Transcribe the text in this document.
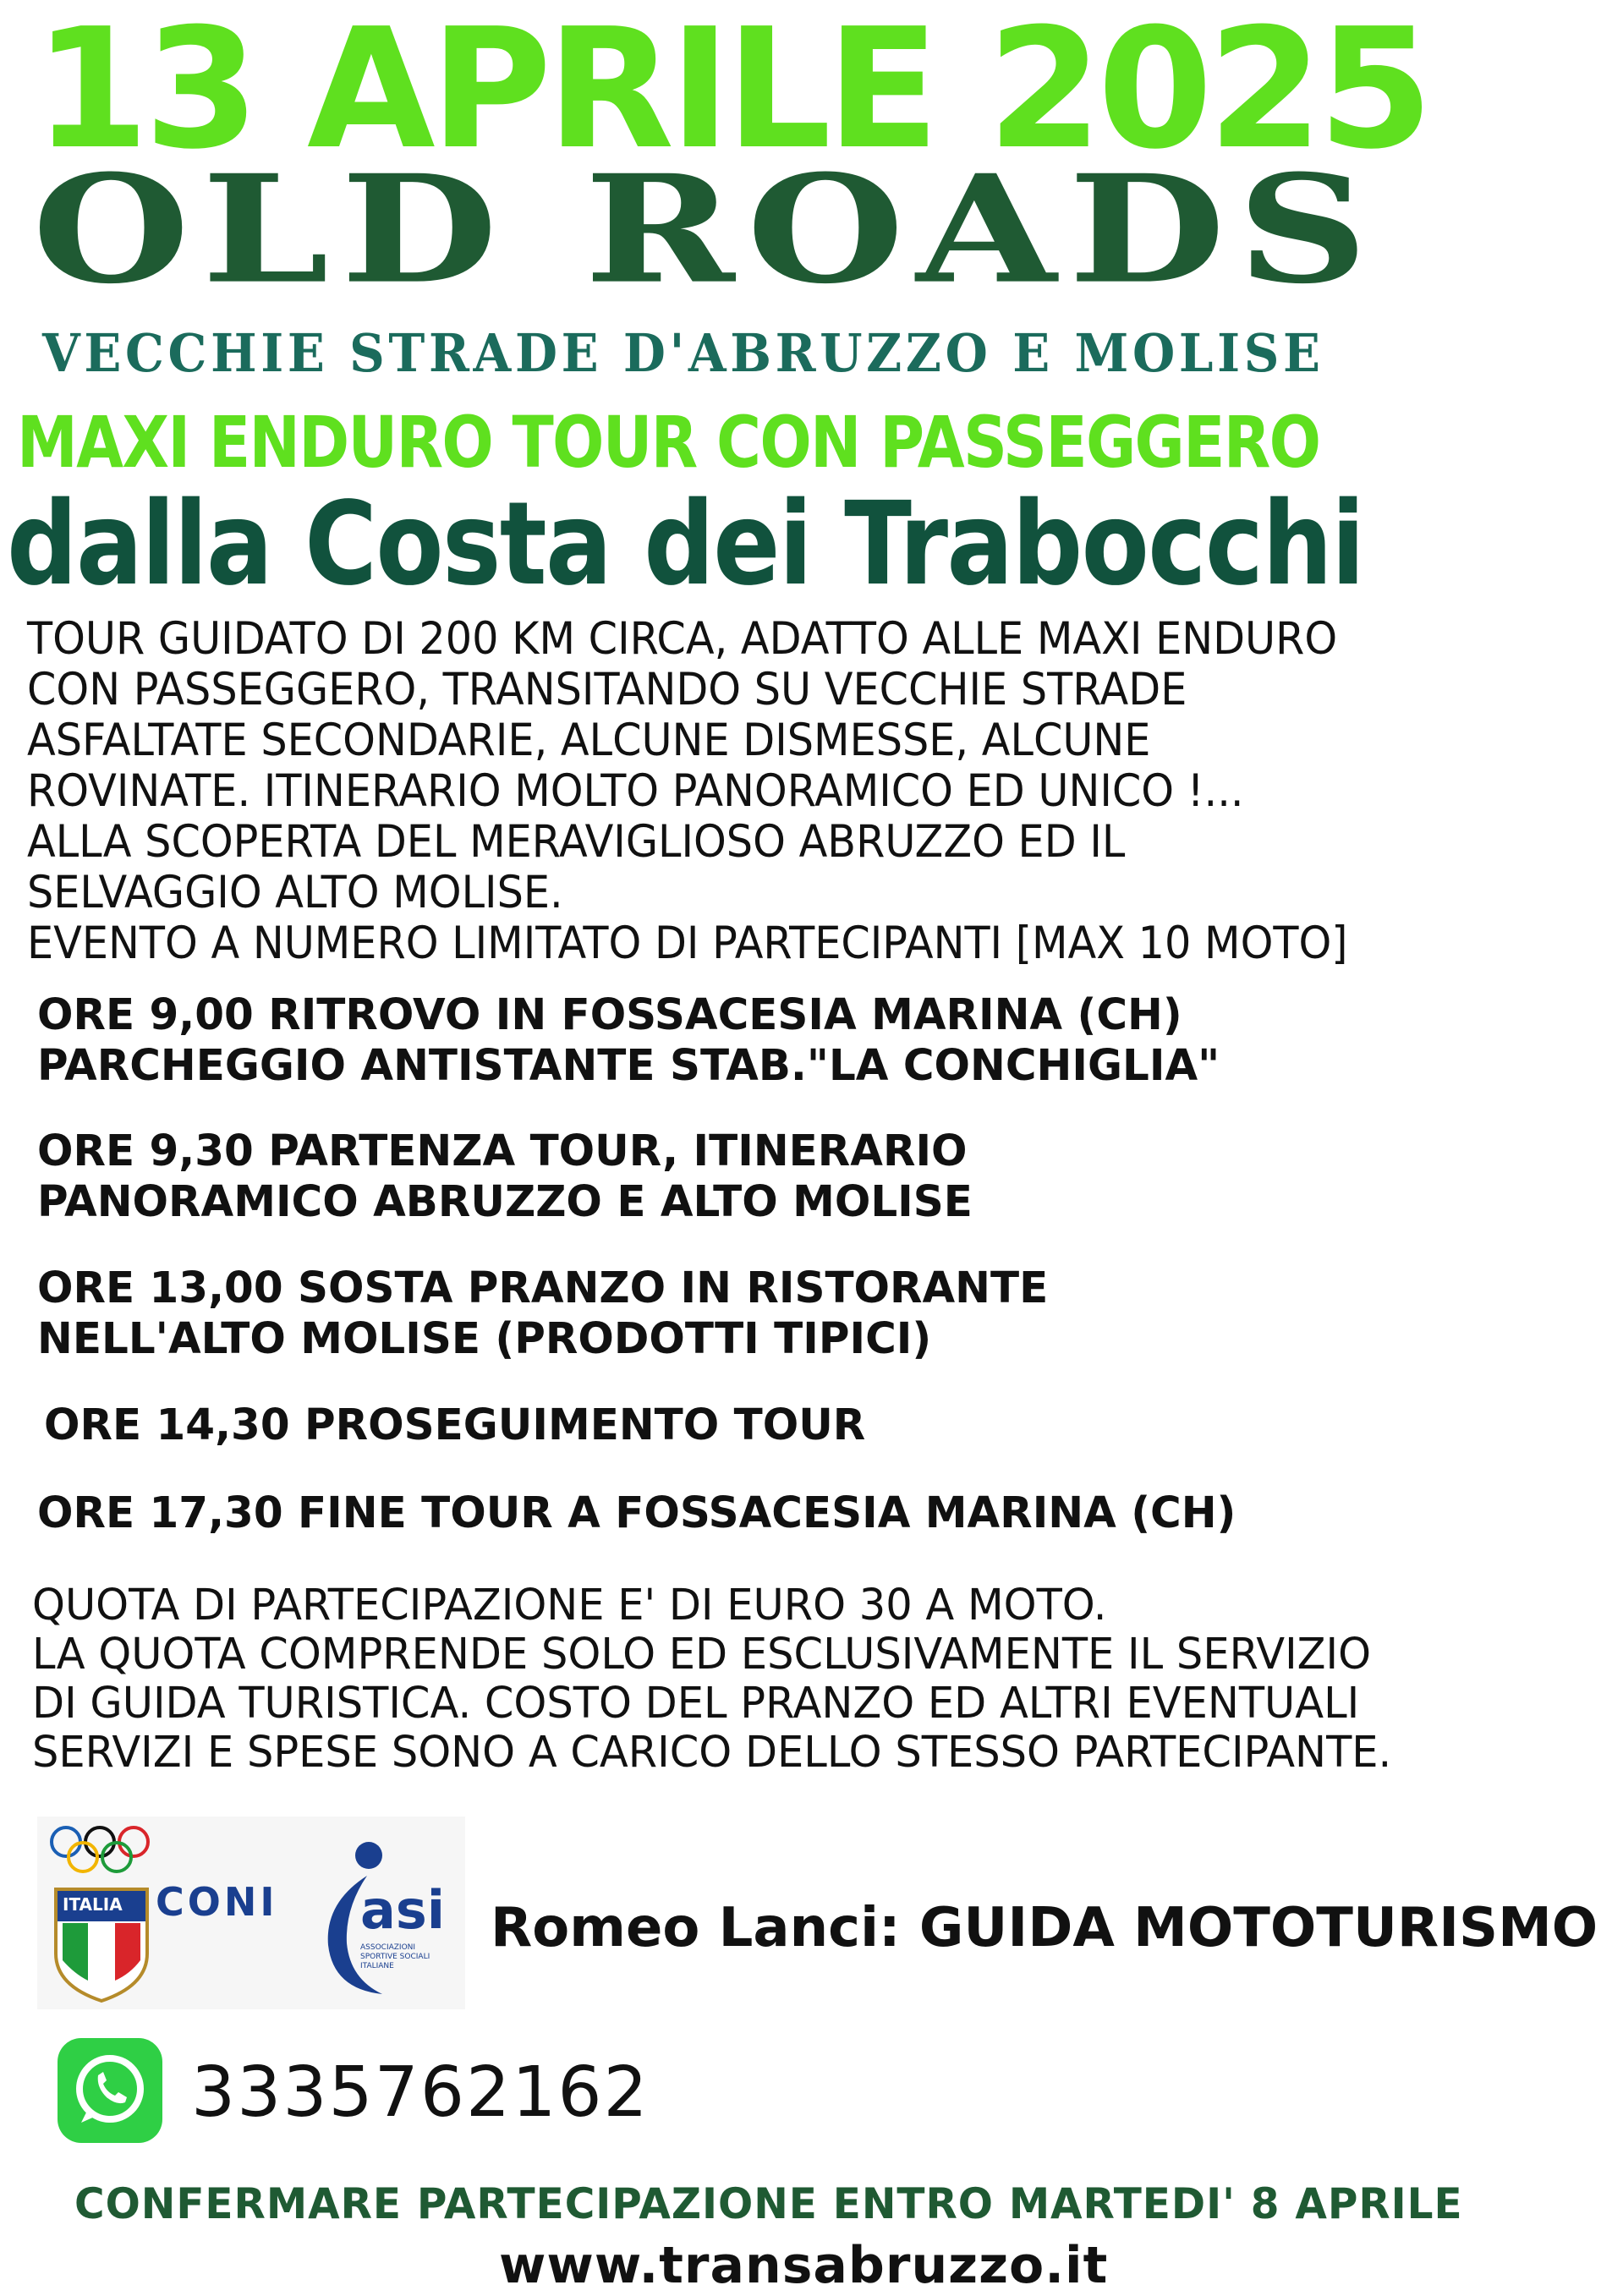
13 APRILE 2025
OLD ROADS
VECCHIE STRADE D'ABRUZZO E MOLISE
MAXI ENDURO TOUR CON PASSEGGERO
dalla Costa dei Trabocchi
TOUR GUIDATO DI 200 KM CIRCA, ADATTO ALLE MAXI ENDURO
CON PASSEGGERO, TRANSITANDO SU VECCHIE STRADE
ASFALTATE SECONDARIE, ALCUNE DISMESSE, ALCUNE
ROVINATE. ITINERARIO MOLTO PANORAMICO ED UNICO !...
ALLA SCOPERTA DEL MERAVIGLIOSO ABRUZZO ED IL
SELVAGGIO ALTO MOLISE.
EVENTO A NUMERO LIMITATO DI PARTECIPANTI [MAX 10 MOTO]
ORE 9,00 RITROVO IN FOSSACESIA MARINA (CH)
PARCHEGGIO ANTISTANTE STAB."LA CONCHIGLIA"
ORE 9,30 PARTENZA TOUR, ITINERARIO
PANORAMICO ABRUZZO E ALTO MOLISE
ORE 13,00 SOSTA PRANZO IN RISTORANTE
NELL'ALTO MOLISE (PRODOTTI TIPICI)
ORE 14,30 PROSEGUIMENTO TOUR
ORE 17,30 FINE TOUR A FOSSACESIA MARINA (CH)
QUOTA DI PARTECIPAZIONE E' DI EURO 30 A MOTO.
LA QUOTA COMPRENDE SOLO ED ESCLUSIVAMENTE IL SERVIZIO
DI GUIDA TURISTICA. COSTO DEL PRANZO ED ALTRI EVENTUALI
SERVIZI E SPESE SONO A CARICO DELLO STESSO PARTECIPANTE.
ITALIA CONI asi
ASSOCIAZIONI SPORTIVE SOCIALI ITALIANE
Romeo Lanci: GUIDA MOTOTURISMO
3335762162
CONFERMARE PARTECIPAZIONE ENTRO MARTEDI' 8 APRILE
www.transabruzzo.it
